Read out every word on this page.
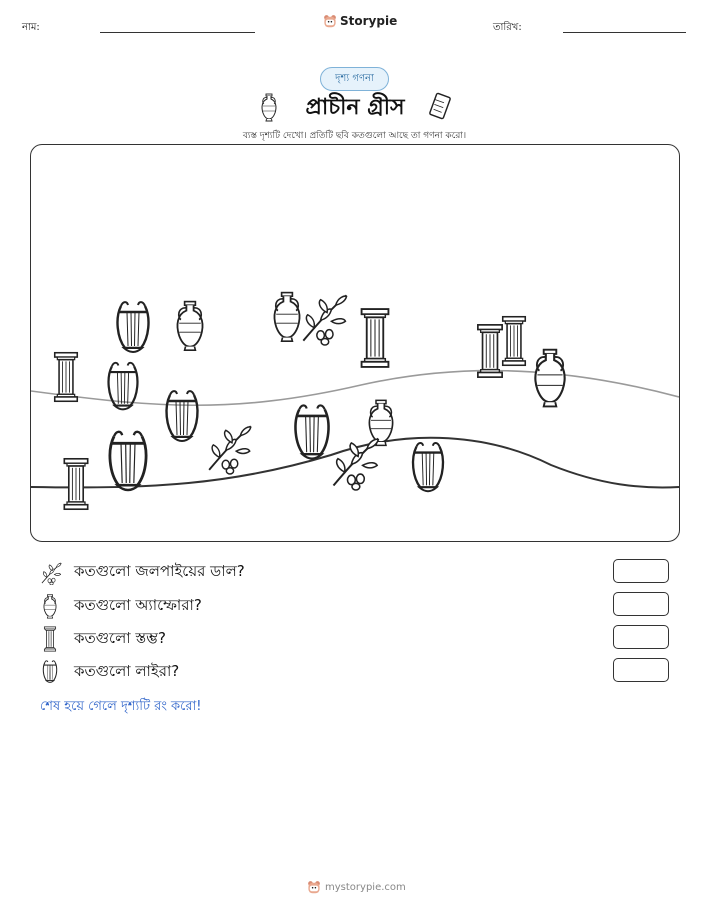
নাম:	Storypie	তারিখ:
দৃশ্য গণনা
প্রাচীন গ্রীস
ব্যস্ত দৃশ্যটি দেখো। প্রতিটি ছবি কতগুলো আছে তা গণনা করো।
কতগুলো জলপাইয়ের ডাল?
কতগুলো অ্যাম্ফোরা?
কতগুলো স্তম্ভ?
কতগুলো লাইরা?
শেষ হয়ে গেলে দৃশ্যটি রং করো!
mystorypie.com
